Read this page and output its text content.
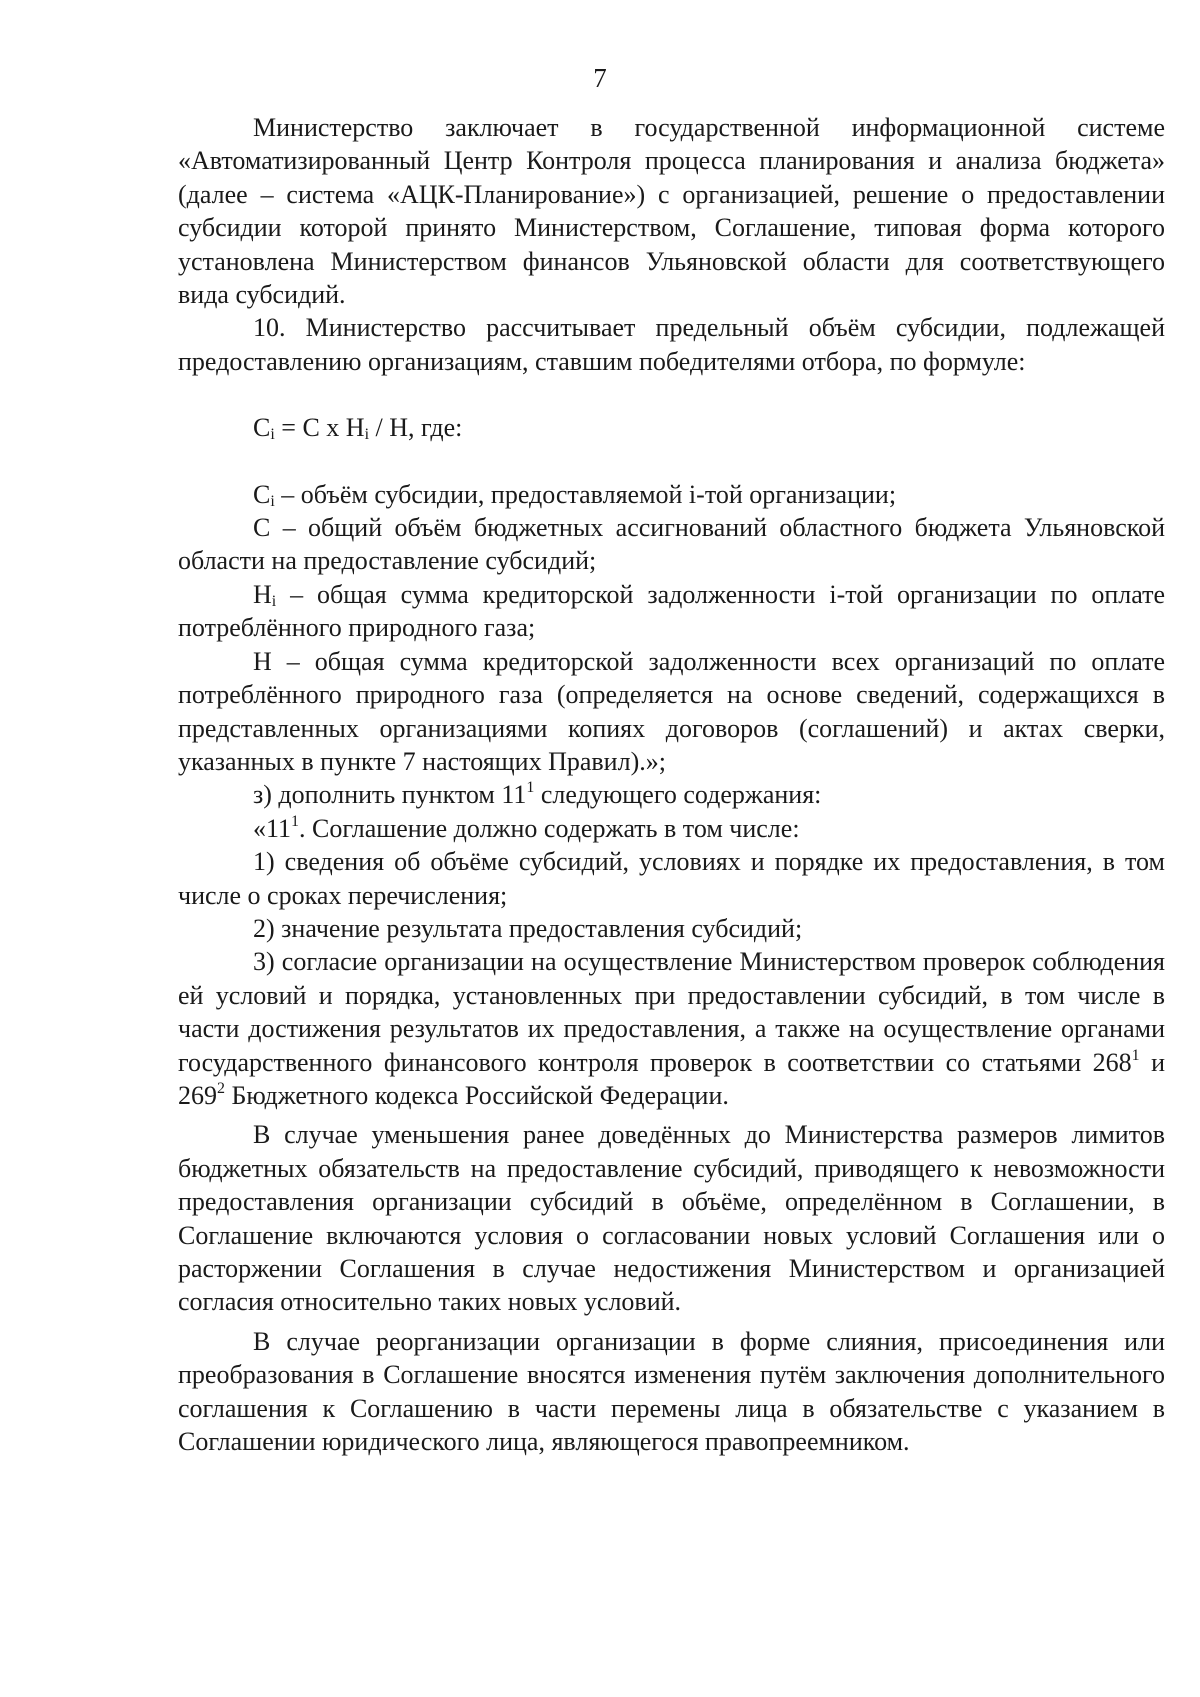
7

Министерство заключает в государственной информационной системе «Автоматизированный Центр Контроля процесса планирования и анализа бюджета» (далее – система «АЦК-Планирование») с организацией, решение о предоставлении субсидии которой принято Министерством, Соглашение, типовая форма которого установлена Министерством финансов Ульяновской области для соответствующего вида субсидий.

10. Министерство рассчитывает предельный объём субсидии, подлежащей предоставлению организациям, ставшим победителями отбора, по формуле:

$C_i = C$ x $H_i$ / H, где:

$C_i$ – объём субсидии, предоставляемой i-той организации;

С – общий объём бюджетных ассигнований областного бюджета Ульяновской области на предоставление субсидий;

$H_i$ – общая сумма кредиторской задолженности i-той организации по оплате потреблённого природного газа;

Н – общая сумма кредиторской задолженности всех организаций по оплате потреблённого природного газа (определяется на основе сведений, содержащихся в представленных организациями копиях договоров (соглашений) и актах сверки, указанных в пункте 7 настоящих Правил).»;

з) дополнить пунктом $11^1$ следующего содержания:

«$11^1$. Соглашение должно содержать в том числе:

1) сведения об объёме субсидий, условиях и порядке их предоставления, в том числе о сроках перечисления;

2) значение результата предоставления субсидий;

3) согласие организации на осуществление Министерством проверок соблюдения ей условий и порядка, установленных при предоставлении субсидий, в том числе в части достижения результатов их предоставления, а также на осуществление органами государственного финансового контроля проверок в соответствии со статьями $268^1$ и $269^2$ Бюджетного кодекса Российской Федерации.

В случае уменьшения ранее доведённых до Министерства размеров лимитов бюджетных обязательств на предоставление субсидий, приводящего к невозможности предоставления организации субсидий в объёме, определённом в Соглашении, в Соглашение включаются условия о согласовании новых условий Соглашения или о расторжении Соглашения в случае недостижения Министерством и организацией согласия относительно таких новых условий.

В случае реорганизации организации в форме слияния, присоединения или преобразования в Соглашение вносятся изменения путём заключения дополнительного соглашения к Соглашению в части перемены лица в обязательстве с указанием в Соглашении юридического лица, являющегося правопреемником.
